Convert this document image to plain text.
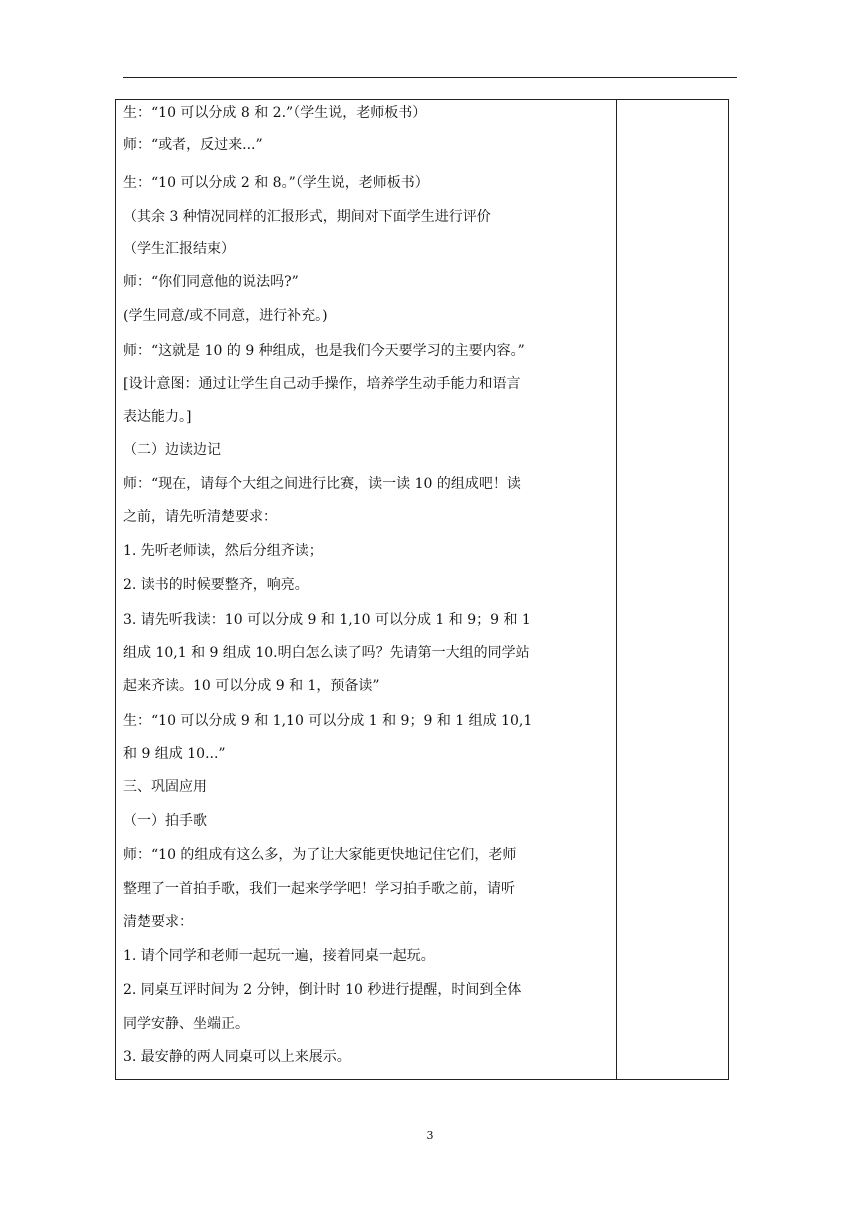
生：“10 可以分成 8 和 2.”（学生说，老师板书）
师：“或者，反过来...”
生：“10 可以分成 2 和 8。”（学生说，老师板书）
（其余 3 种情况同样的汇报形式，期间对下面学生进行评价
（学生汇报结束）
师：“你们同意他的说法吗?”
(学生同意/或不同意，进行补充。)
师：“这就是 10 的 9 种组成，也是我们今天要学习的主要内容。”
[设计意图：通过让学生自己动手操作，培养学生动手能力和语言
表达能力。]
（二）边读边记
师：“现在，请每个大组之间进行比赛，读一读 10 的组成吧！读
之前，请先听清楚要求：
1. 先听老师读，然后分组齐读；
2. 读书的时候要整齐，响亮。
3. 请先听我读：10 可以分成 9 和 1,10 可以分成 1 和 9；9 和 1
组成 10,1 和 9 组成 10.明白怎么读了吗？先请第一大组的同学站
起来齐读。10 可以分成 9 和 1，预备读”
生：“10 可以分成 9 和 1,10 可以分成 1 和 9；9 和 1 组成 10,1
和 9 组成 10...”
三、巩固应用
（一）拍手歌
师：“10 的组成有这么多，为了让大家能更快地记住它们，老师
整理了一首拍手歌，我们一起来学学吧！学习拍手歌之前，请听
清楚要求：
1. 请个同学和老师一起玩一遍，接着同桌一起玩。
2. 同桌互评时间为 2 分钟，倒计时 10 秒进行提醒，时间到全体
同学安静、坐端正。
3. 最安静的两人同桌可以上来展示。
3
